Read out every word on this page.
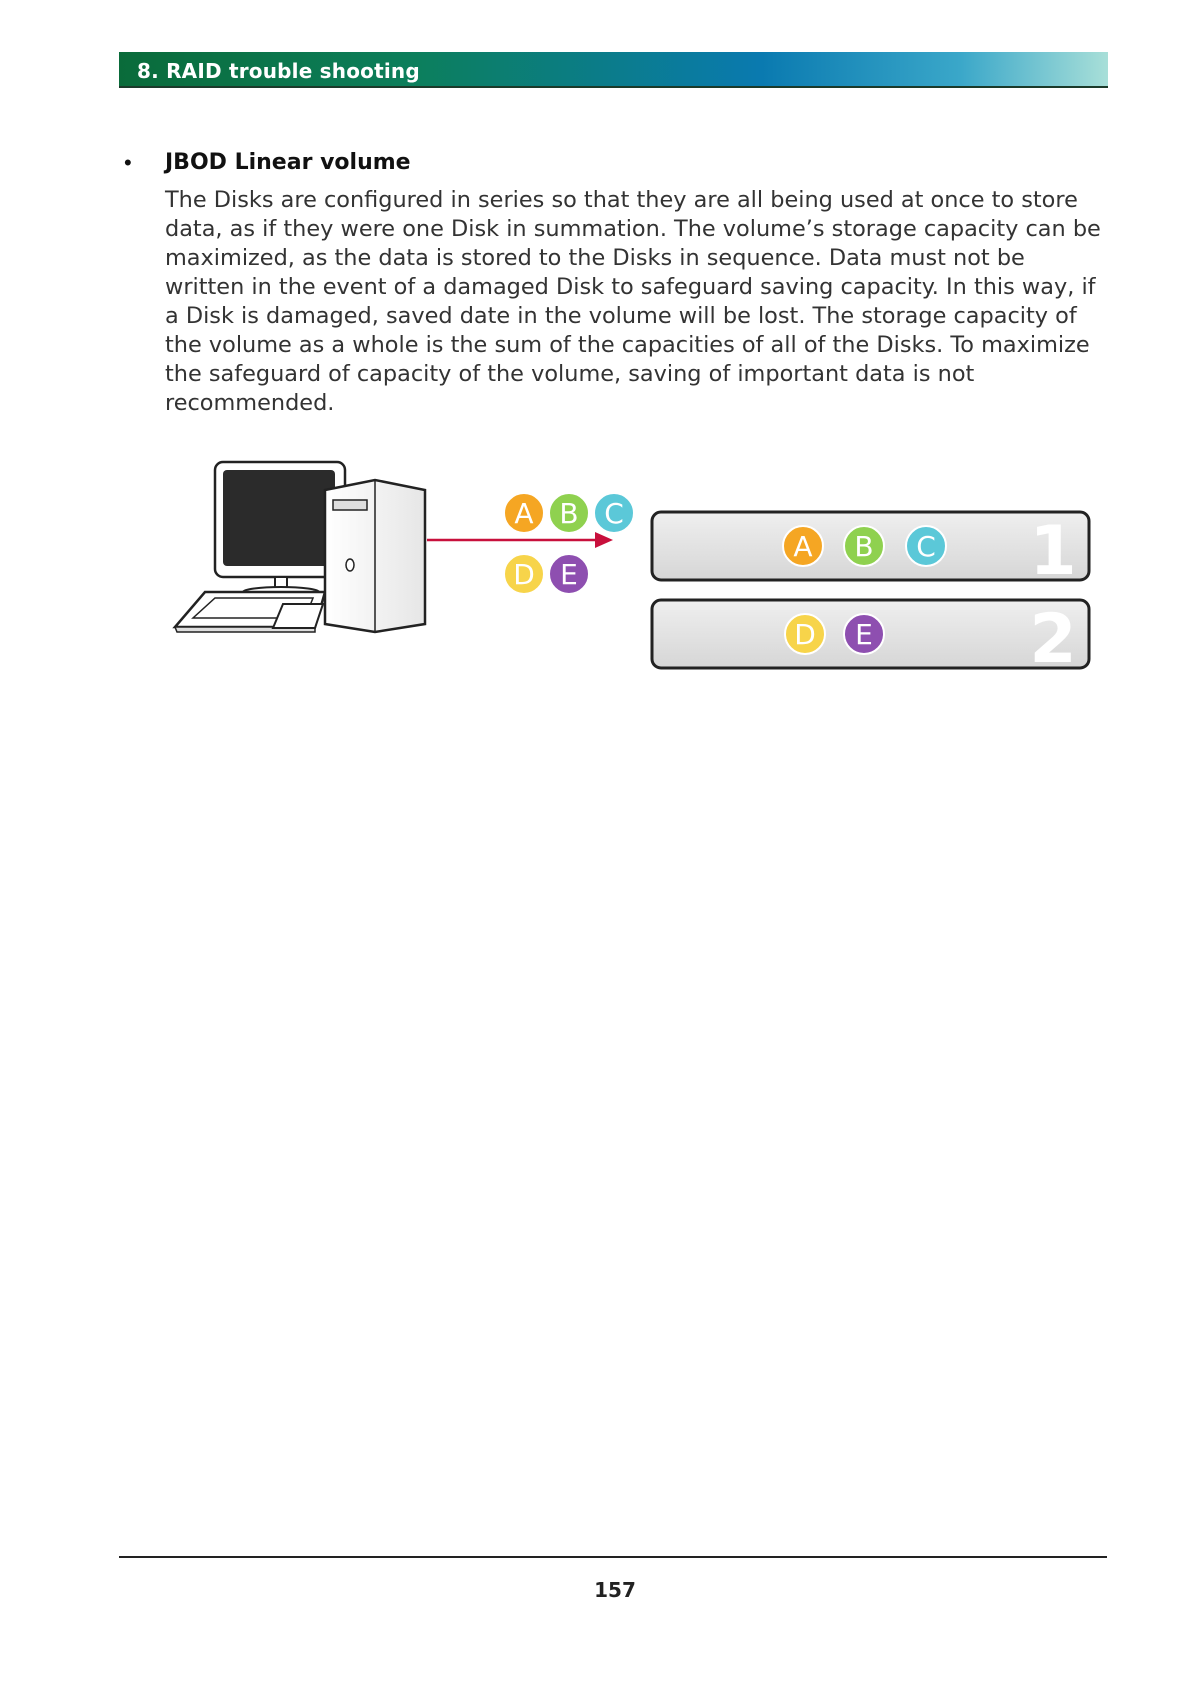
8. RAID trouble shooting
• JBOD Linear volume

The Disks are configured in series so that they are all being used at once to store data, as if they were one Disk in summation. The volume’s storage capacity can be maximized, as the data is stored to the Disks in sequence. Data must not be written in the event of a damaged Disk to safeguard saving capacity. In this way, if a Disk is damaged, saved date in the volume will be lost. The storage capacity of the volume as a whole is the sum of the capacities of all of the Disks. To maximize the safeguard of capacity of the volume, saving of important data is not recommended.

A B C
D E	1
A B C
2
D E
157
